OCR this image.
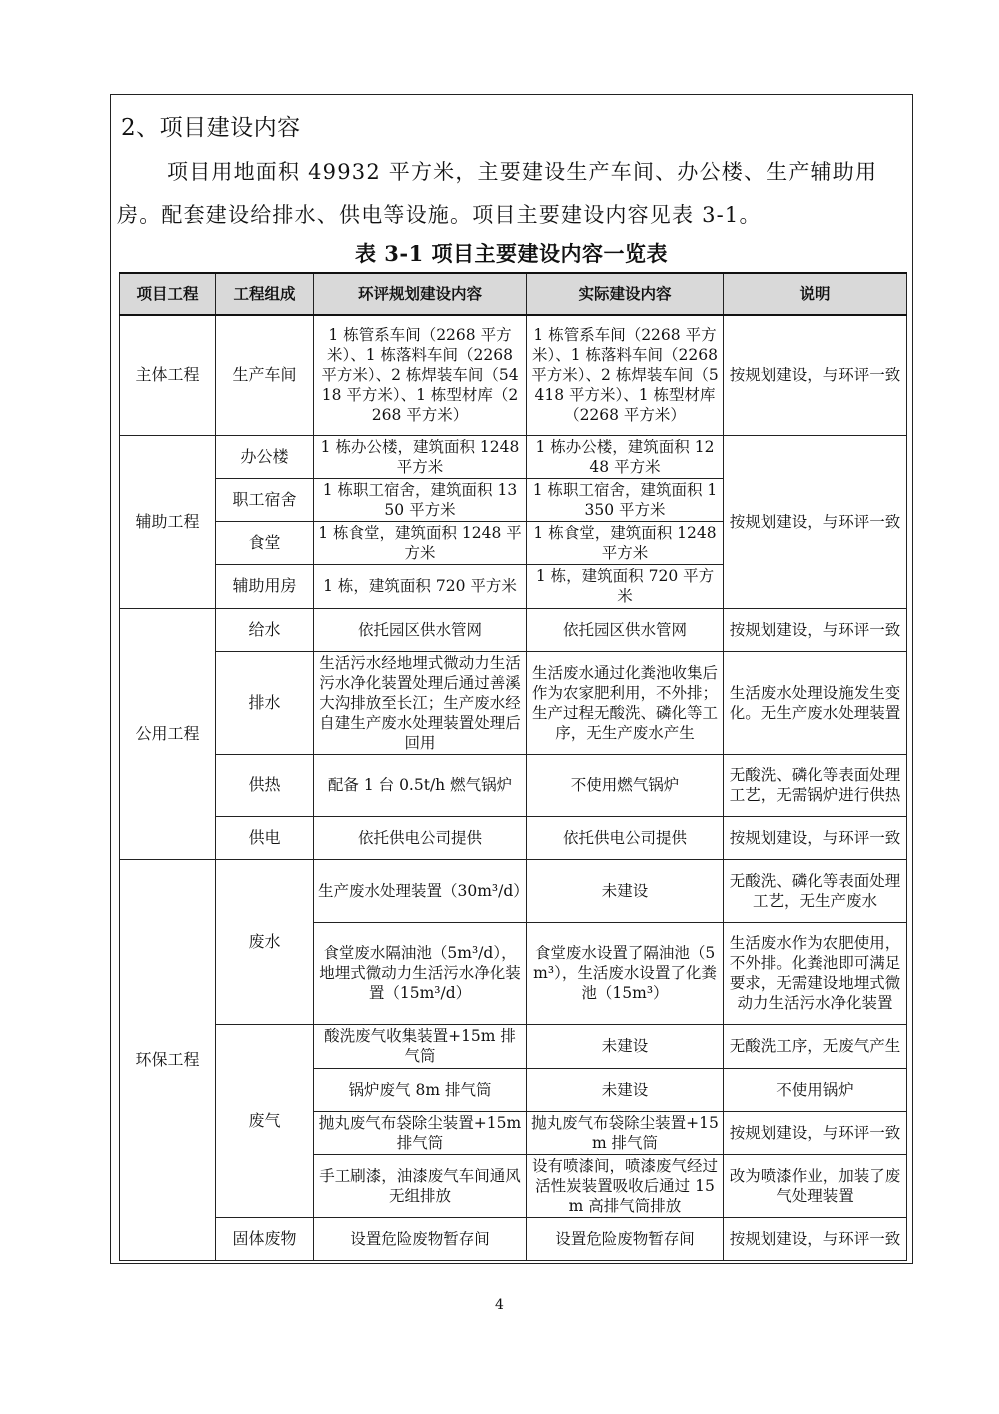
2、项目建设内容
项目用地面积 49932 平方米，主要建设生产车间、办公楼、生产辅助用房。配套建设给排水、供电等设施。项目主要建设内容见表 3-1。
表 3-1 项目主要建设内容一览表
项目工程	工程组成	环评规划建设内容	实际建设内容	说明
主体工程	生产车间	1 栋管系车间（2268 平方米）、1 栋落料车间（2268 平方米）、2 栋焊装车间（5418 平方米）、1 栋型材库（2268 平方米）	1 栋管系车间（2268 平方米）、1 栋落料车间（2268 平方米）、2 栋焊装车间（5418 平方米）、1 栋型材库（2268 平方米）	按规划建设，与环评一致
辅助工程	办公楼	1 栋办公楼，建筑面积 1248 平方米	1 栋办公楼，建筑面积 1248 平方米	按规划建设，与环评一致
	职工宿舍	1 栋职工宿舍，建筑面积 1350 平方米	1 栋职工宿舍，建筑面积 1350 平方米	
	食堂	1 栋食堂，建筑面积 1248 平方米	1 栋食堂，建筑面积 1248 平方米	
	辅助用房	1 栋，建筑面积 720 平方米	1 栋，建筑面积 720 平方米	
公用工程	给水	依托园区供水管网	依托园区供水管网	按规划建设，与环评一致
	排水	生活污水经地埋式微动力生活污水净化装置处理后通过善溪大沟排放至长江；生产废水经自建生产废水处理装置处理后回用	生活废水通过化粪池收集后作为农家肥利用，不外排；生产过程无酸洗、磷化等工序，无生产废水产生	生活废水处理设施发生变化。无生产废水处理装置
	供热	配备 1 台 0.5t/h 燃气锅炉	不使用燃气锅炉	无酸洗、磷化等表面处理工艺，无需锅炉进行供热
	供电	依托供电公司提供	依托供电公司提供	按规划建设，与环评一致
环保工程	废水	生产废水处理装置（30m³/d）	未建设	无酸洗、磷化等表面处理工艺，无生产废水
		食堂废水隔油池（5m³/d），地埋式微动力生活污水净化装置（15m³/d）	食堂废水设置了隔油池（5m³），生活废水设置了化粪池（15m³）	生活废水作为农肥使用，不外排。化粪池即可满足要求，无需建设地埋式微动力生活污水净化装置
	废气	酸洗废气收集装置+15m 排气筒	未建设	无酸洗工序，无废气产生
		锅炉废气 8m 排气筒	未建设	不使用锅炉
		抛丸废气布袋除尘装置+15m 排气筒	抛丸废气布袋除尘装置+15m 排气筒	按规划建设，与环评一致
		手工刷漆，油漆废气车间通风无组排放	设有喷漆间，喷漆废气经过活性炭装置吸收后通过 15m 高排气筒排放	改为喷漆作业，加装了废气处理装置
	固体废物	设置危险废物暂存间	设置危险废物暂存间	按规划建设，与环评一致
4
